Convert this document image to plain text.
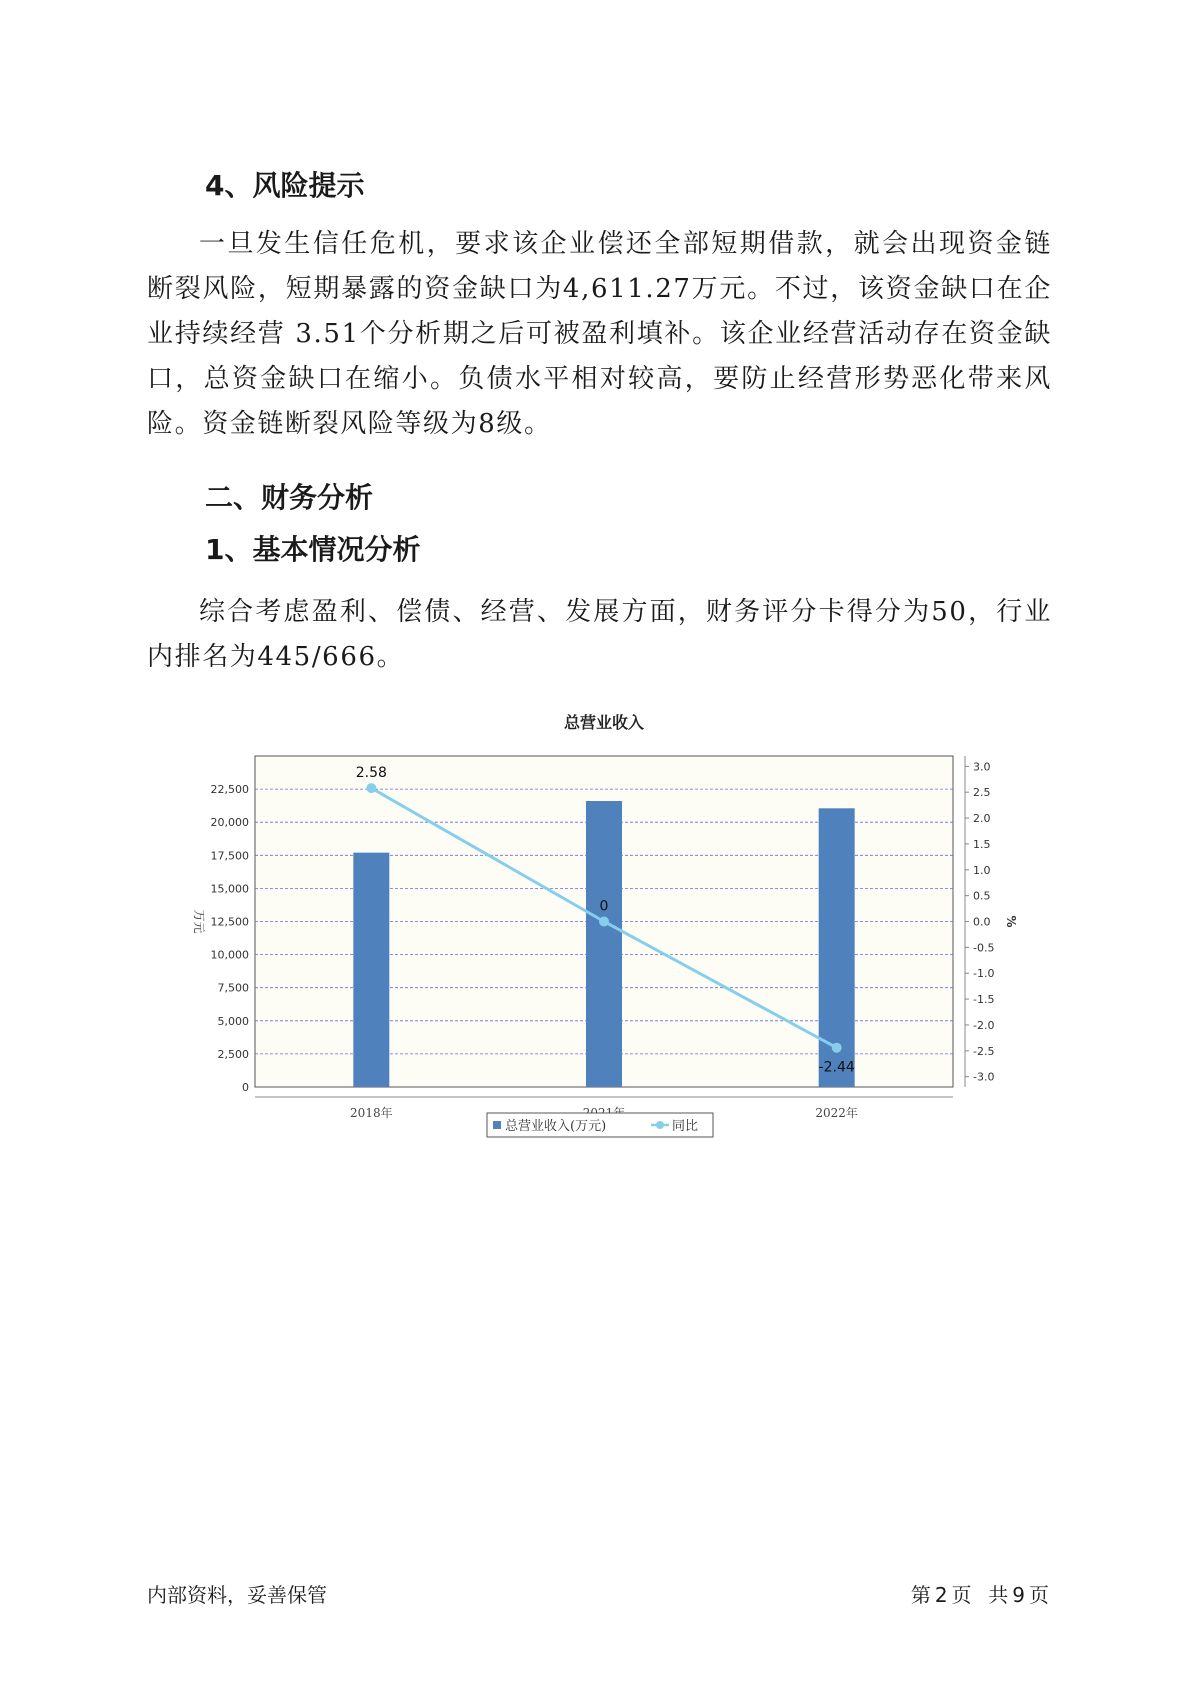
4、风险提示

一旦发生信任危机，要求该企业偿还全部短期借款，就会出现资金链断裂风险，短期暴露的资金缺口为4,611.27万元。不过，该资金缺口在企业持续经营 3.51个分析期之后可被盈利填补。该企业经营活动存在资金缺口，总资金缺口在缩小。负债水平相对较高，要防止经营形势恶化带来风险。资金链断裂风险等级为8级。

二、财务分析
1、基本情况分析

综合考虑盈利、偿债、经营、发展方面，财务评分卡得分为50，行业内排名为445/666。

总营业收入
0
2,500
5,000
7,500
10,000
12,500
15,000
17,500
20,000
22,500
万元
3.0
2.5
2.0
1.5
1.0
0.5
0.0
-0.5
-1.0
-1.5
-2.0
-2.5
-3.0
%
2018年	2022年
2.58
0
-2.44
总营业收入(万元)	同比
内部资料，妥善保管	第 2 页 共 9 页
